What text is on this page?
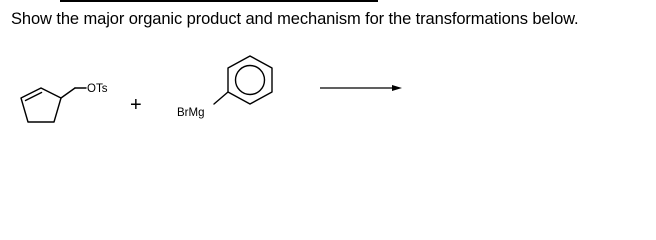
Show the major organic product and mechanism for the transformations below.
OTs
+	BrMg
